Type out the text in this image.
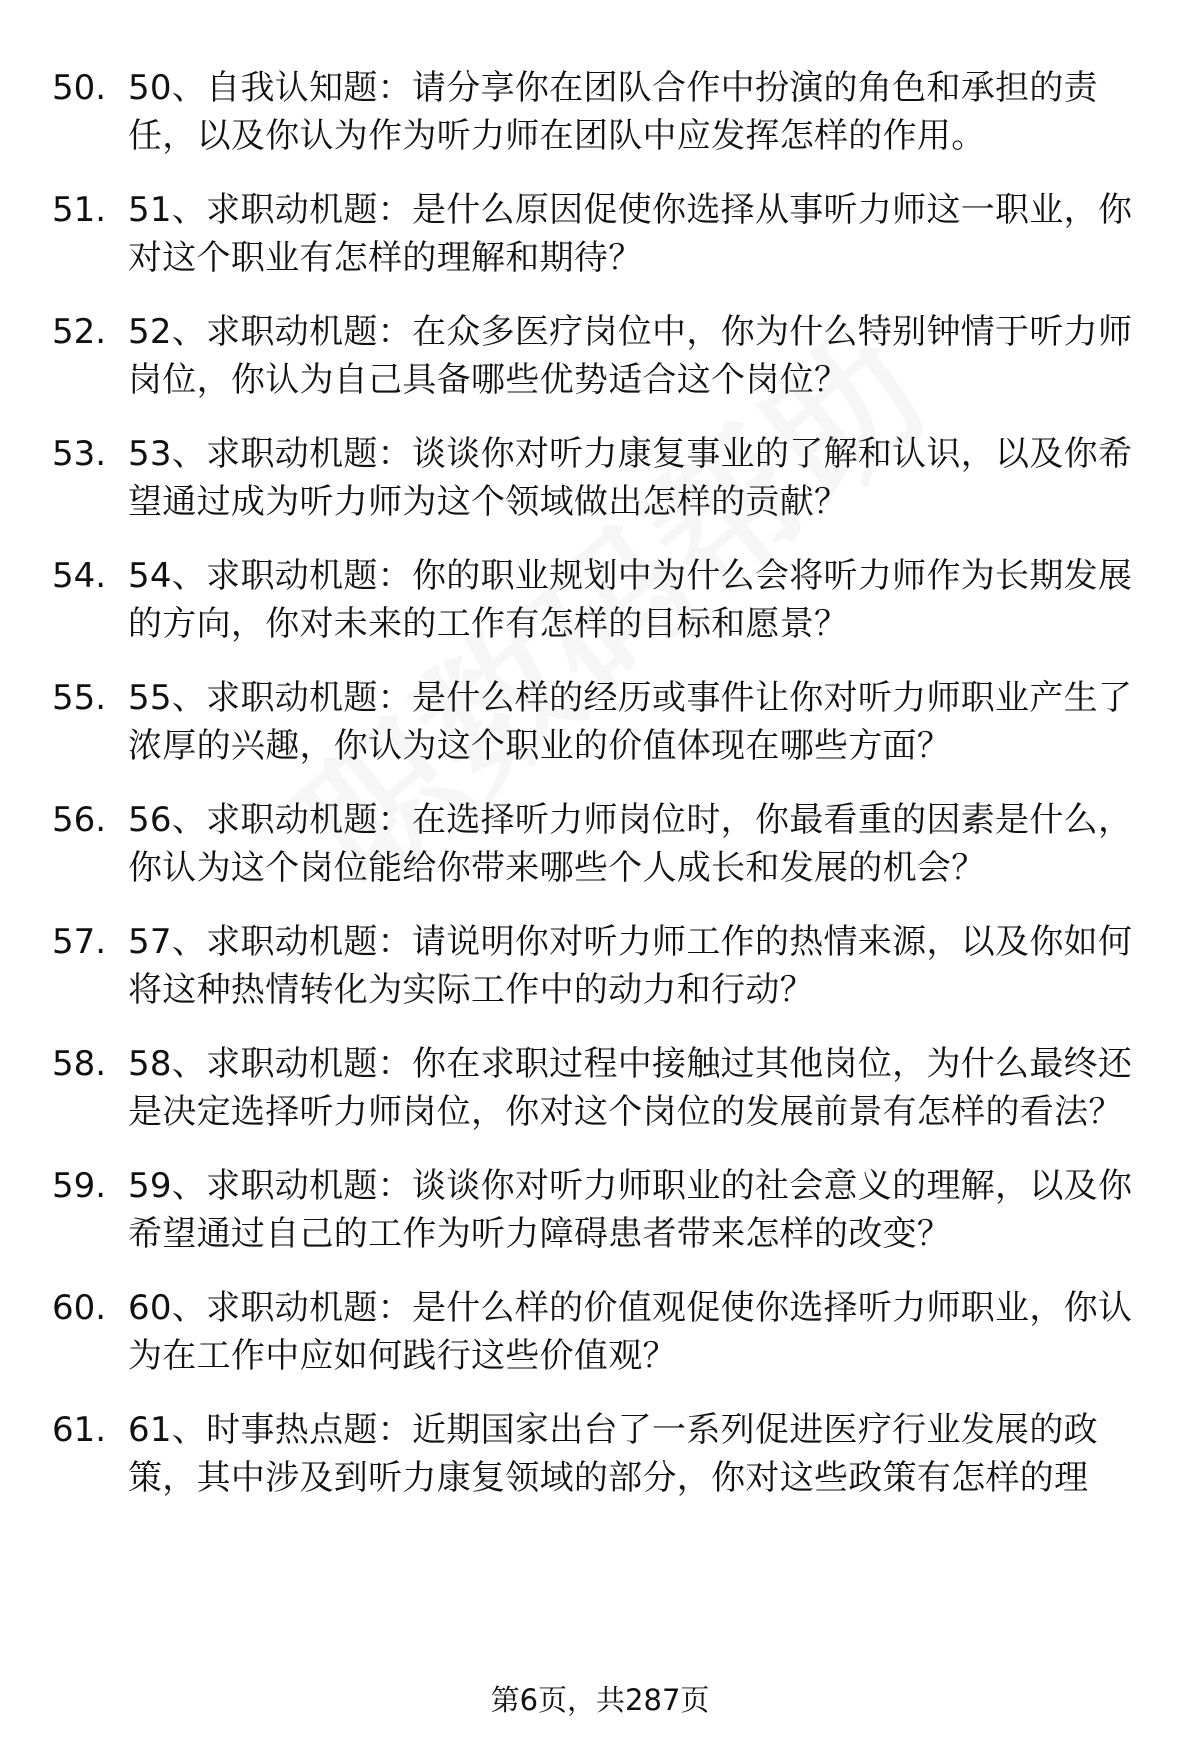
50. 50、自我认知题：请分享你在团队合作中扮演的角色和承担的责任，以及你认为作为听力师在团队中应发挥怎样的作用。
51. 51、求职动机题：是什么原因促使你选择从事听力师这一职业，你对这个职业有怎样的理解和期待？
52. 52、求职动机题：在众多医疗岗位中，你为什么特别钟情于听力师岗位，你认为自己具备哪些优势适合这个岗位？
53. 53、求职动机题：谈谈你对听力康复事业的了解和认识，以及你希望通过成为听力师为这个领域做出怎样的贡献？
54. 54、求职动机题：你的职业规划中为什么会将听力师作为长期发展的方向，你对未来的工作有怎样的目标和愿景？
55. 55、求职动机题：是什么样的经历或事件让你对听力师职业产生了浓厚的兴趣，你认为这个职业的价值体现在哪些方面？
56. 56、求职动机题：在选择听力师岗位时，你最看重的因素是什么，你认为这个岗位能给你带来哪些个人成长和发展的机会？
57. 57、求职动机题：请说明你对听力师工作的热情来源，以及你如何将这种热情转化为实际工作中的动力和行动？
58. 58、求职动机题：你在求职过程中接触过其他岗位，为什么最终还是决定选择听力师岗位，你对这个岗位的发展前景有怎样的看法？
59. 59、求职动机题：谈谈你对听力师职业的社会意义的理解，以及你希望通过自己的工作为听力障碍患者带来怎样的改变？
60. 60、求职动机题：是什么样的价值观促使你选择听力师职业，你认为在工作中应如何践行这些价值观？
61. 61、时事热点题：近期国家出台了一系列促进医疗行业发展的政策，其中涉及到听力康复领域的部分，你对这些政策有怎样的理
第6页，共287页
